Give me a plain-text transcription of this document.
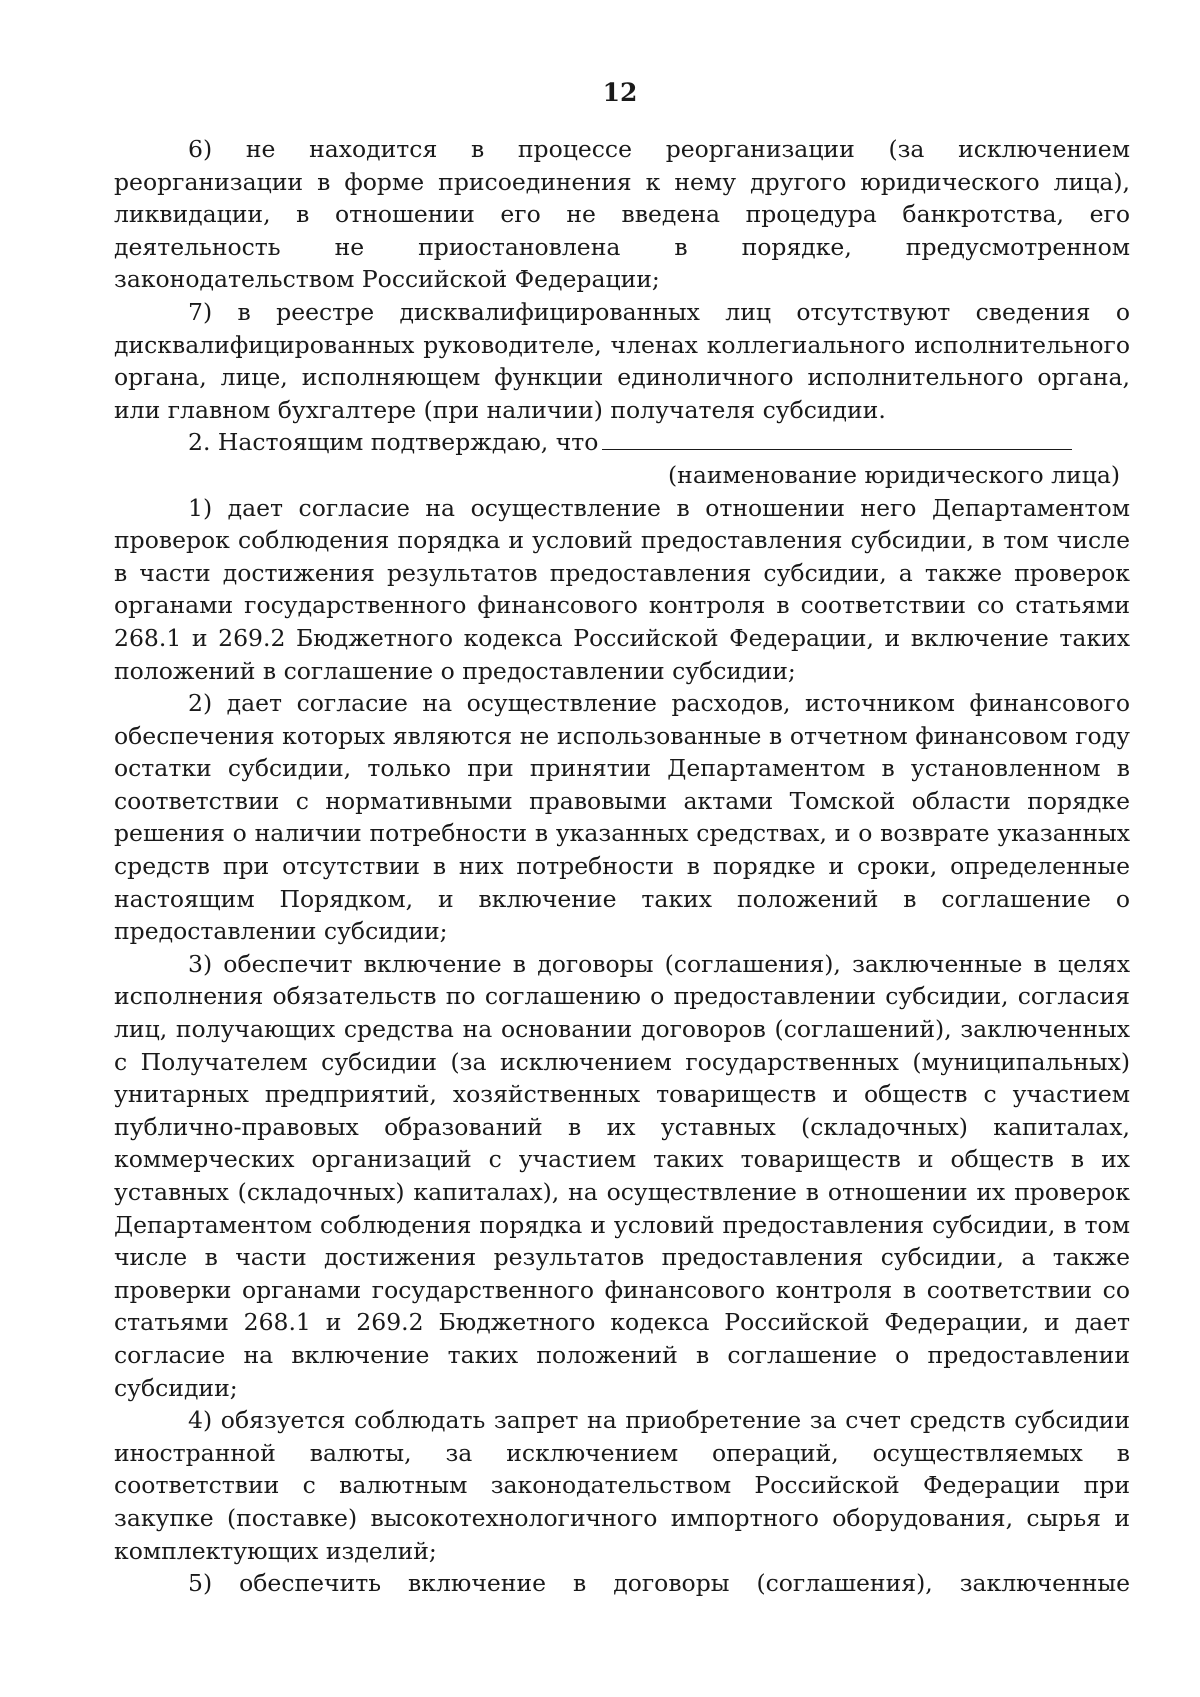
12

6) не находится в процессе реорганизации (за исключением реорганизации в форме присоединения к нему другого юридического лица), ликвидации, в отношении его не введена процедура банкротства, его деятельность не приостановлена в порядке, предусмотренном законодательством Российской Федерации;

7) в реестре дисквалифицированных лиц отсутствуют сведения о дисквалифицированных руководителе, членах коллегиального исполнительного органа, лице, исполняющем функции единоличного исполнительного органа, или главном бухгалтере (при наличии) получателя субсидии.

2. Настоящим подтверждаю, что

(наименование юридического лица)

1) дает согласие на осуществление в отношении него Департаментом проверок соблюдения порядка и условий предоставления субсидии, в том числе в части достижения результатов предоставления субсидии, а также проверок органами государственного финансового контроля в соответствии со статьями 268.1 и 269.2 Бюджетного кодекса Российской Федерации, и включение таких положений в соглашение о предоставлении субсидии;

2) дает согласие на осуществление расходов, источником финансового обеспечения которых являются не использованные в отчетном финансовом году остатки субсидии, только при принятии Департаментом в установленном в соответствии с нормативными правовыми актами Томской области порядке решения о наличии потребности в указанных средствах, и о возврате указанных средств при отсутствии в них потребности в порядке и сроки, определенные настоящим Порядком, и включение таких положений в соглашение о предоставлении субсидии;

3) обеспечит включение в договоры (соглашения), заключенные в целях исполнения обязательств по соглашению о предоставлении субсидии, согласия лиц, получающих средства на основании договоров (соглашений), заключенных с Получателем субсидии (за исключением государственных (муниципальных) унитарных предприятий, хозяйственных товариществ и обществ с участием публично-правовых образований в их уставных (складочных) капиталах, коммерческих организаций с участием таких товариществ и обществ в их уставных (складочных) капиталах), на осуществление в отношении их проверок Департаментом соблюдения порядка и условий предоставления субсидии, в том числе в части достижения результатов предоставления субсидии, а также проверки органами государственного финансового контроля в соответствии со статьями 268.1 и 269.2 Бюджетного кодекса Российской Федерации, и дает согласие на включение таких положений в соглашение о предоставлении субсидии;

4) обязуется соблюдать запрет на приобретение за счет средств субсидии иностранной валюты, за исключением операций, осуществляемых в соответствии с валютным законодательством Российской Федерации при закупке (поставке) высокотехнологичного импортного оборудования, сырья и комплектующих изделий;

5) обеспечить включение в договоры (соглашения), заключенные
